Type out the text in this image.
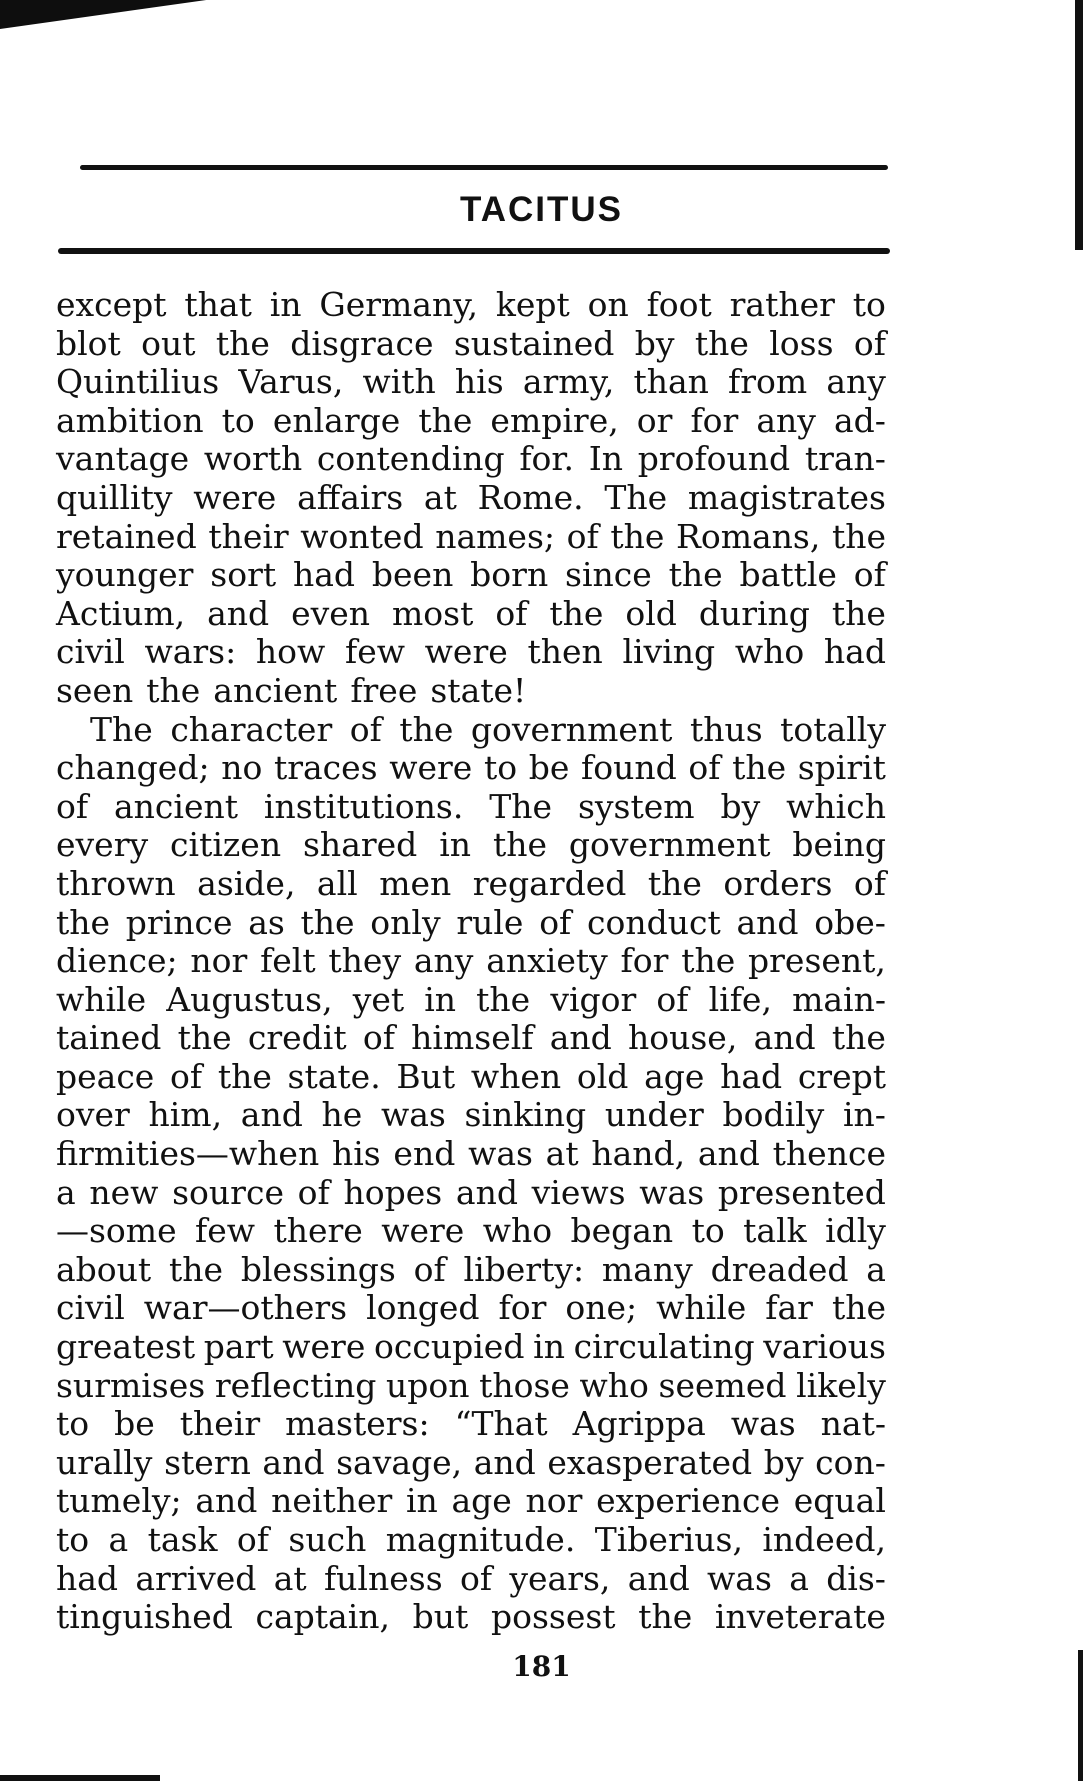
TACITUS
except that in Germany, kept on foot rather to
blot out the disgrace sustained by the loss of
Quintilius Varus, with his army, than from any
ambition to enlarge the empire, or for any ad-
vantage worth contending for. In profound tran-
quillity were affairs at Rome. The magistrates
retained their wonted names; of the Romans, the
younger sort had been born since the battle of
Actium, and even most of the old during the
civil wars: how few were then living who had
seen the ancient free state!
The character of the government thus totally
changed; no traces were to be found of the spirit
of ancient institutions. The system by which
every citizen shared in the government being
thrown aside, all men regarded the orders of
the prince as the only rule of conduct and obe-
dience; nor felt they any anxiety for the present,
while Augustus, yet in the vigor of life, main-
tained the credit of himself and house, and the
peace of the state. But when old age had crept
over him, and he was sinking under bodily in-
firmities—when his end was at hand, and thence
a new source of hopes and views was presented
—some few there were who began to talk idly
about the blessings of liberty: many dreaded a
civil war—others longed for one; while far the
greatest part were occupied in circulating various
surmises reflecting upon those who seemed likely
to be their masters: “That Agrippa was nat-
urally stern and savage, and exasperated by con-
tumely; and neither in age nor experience equal
to a task of such magnitude. Tiberius, indeed,
had arrived at fulness of years, and was a dis-
tinguished captain, but possest the inveterate
181
